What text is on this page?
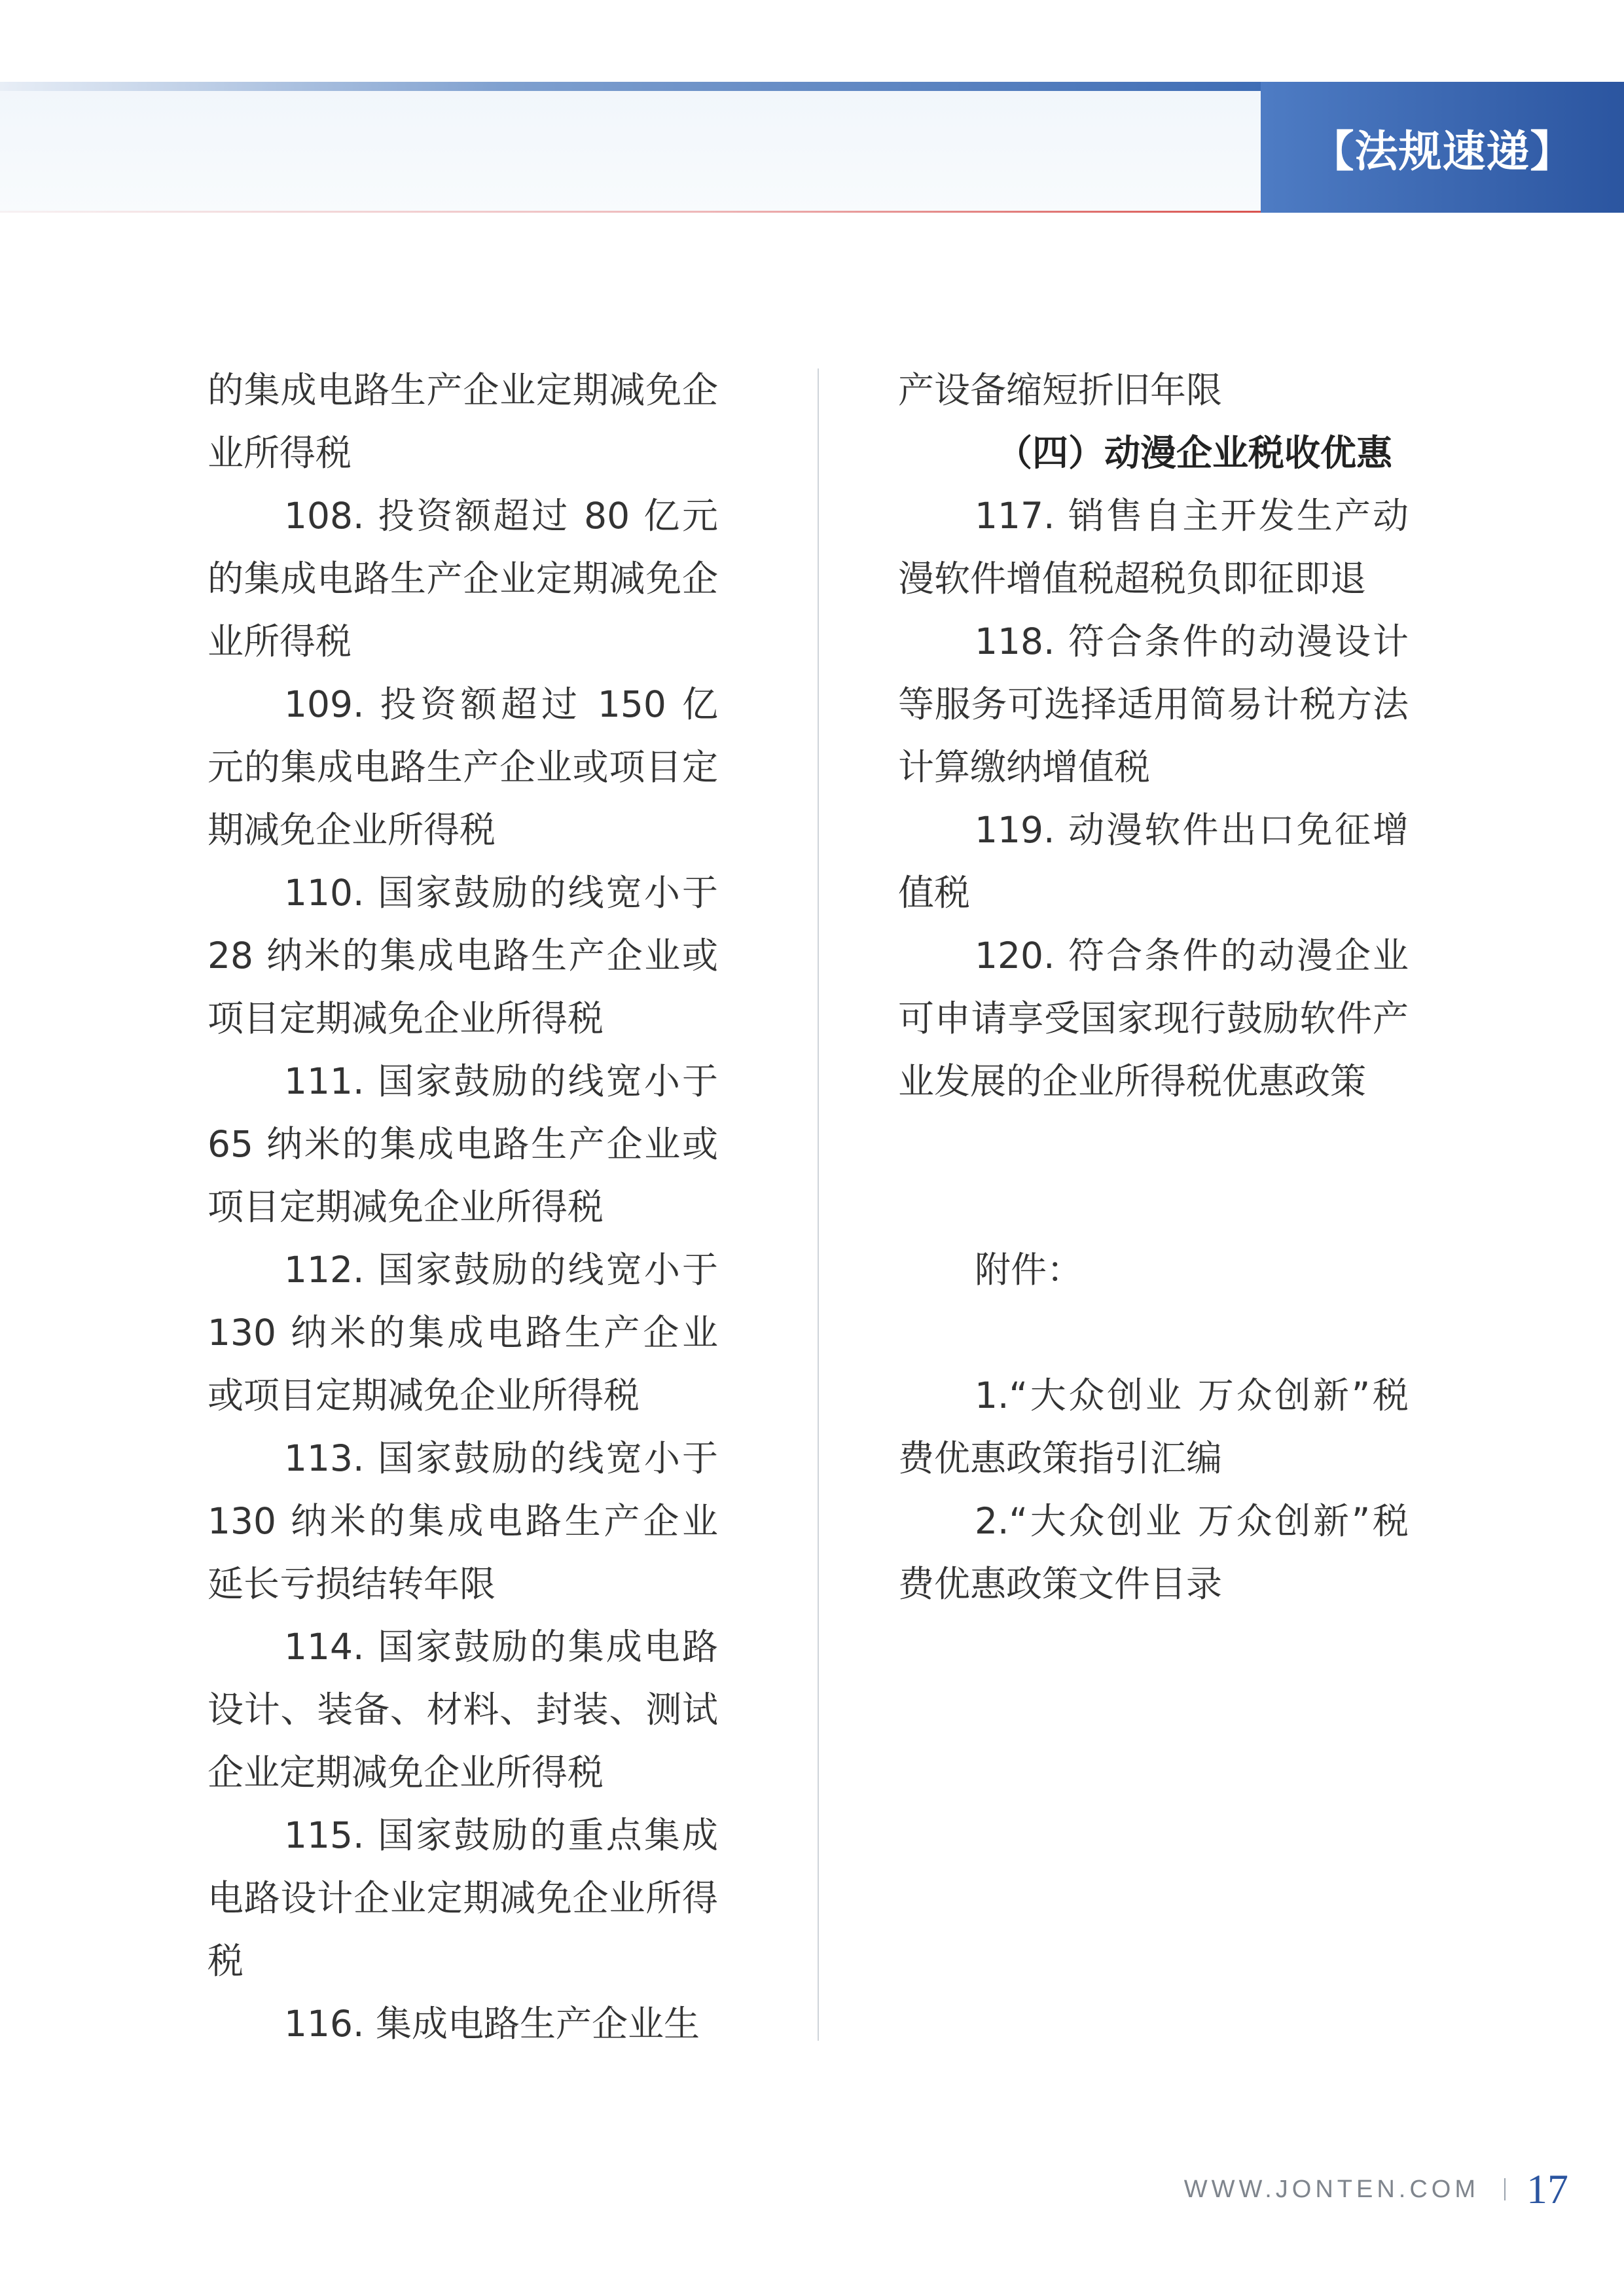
【法规速递】

的集成电路生产企业定期减免企业所得税

108. 投资额超过 80 亿元的集成电路生产企业定期减免企业所得税

109. 投资额超过 150 亿元的集成电路生产企业或项目定期减免企业所得税

110. 国家鼓励的线宽小于 28 纳米的集成电路生产企业或项目定期减免企业所得税

111. 国家鼓励的线宽小于 65 纳米的集成电路生产企业或项目定期减免企业所得税

112. 国家鼓励的线宽小于 130 纳米的集成电路生产企业或项目定期减免企业所得税

113. 国家鼓励的线宽小于 130 纳米的集成电路生产企业延长亏损结转年限

114. 国家鼓励的集成电路设计、装备、材料、封装、测试企业定期减免企业所得税

115. 国家鼓励的重点集成电路设计企业定期减免企业所得税

116. 集成电路生产企业生

产设备缩短折旧年限

（四）动漫企业税收优惠

117. 销售自主开发生产动漫软件增值税超税负即征即退

118. 符合条件的动漫设计等服务可选择适用简易计税方法计算缴纳增值税

119. 动漫软件出口免征增值税

120. 符合条件的动漫企业可申请享受国家现行鼓励软件产业发展的企业所得税优惠政策

附件：

1.“大众创业 万众创新”税费优惠政策指引汇编

2.“大众创业 万众创新”税费优惠政策文件目录

WWW.JONTEN.COM 17
